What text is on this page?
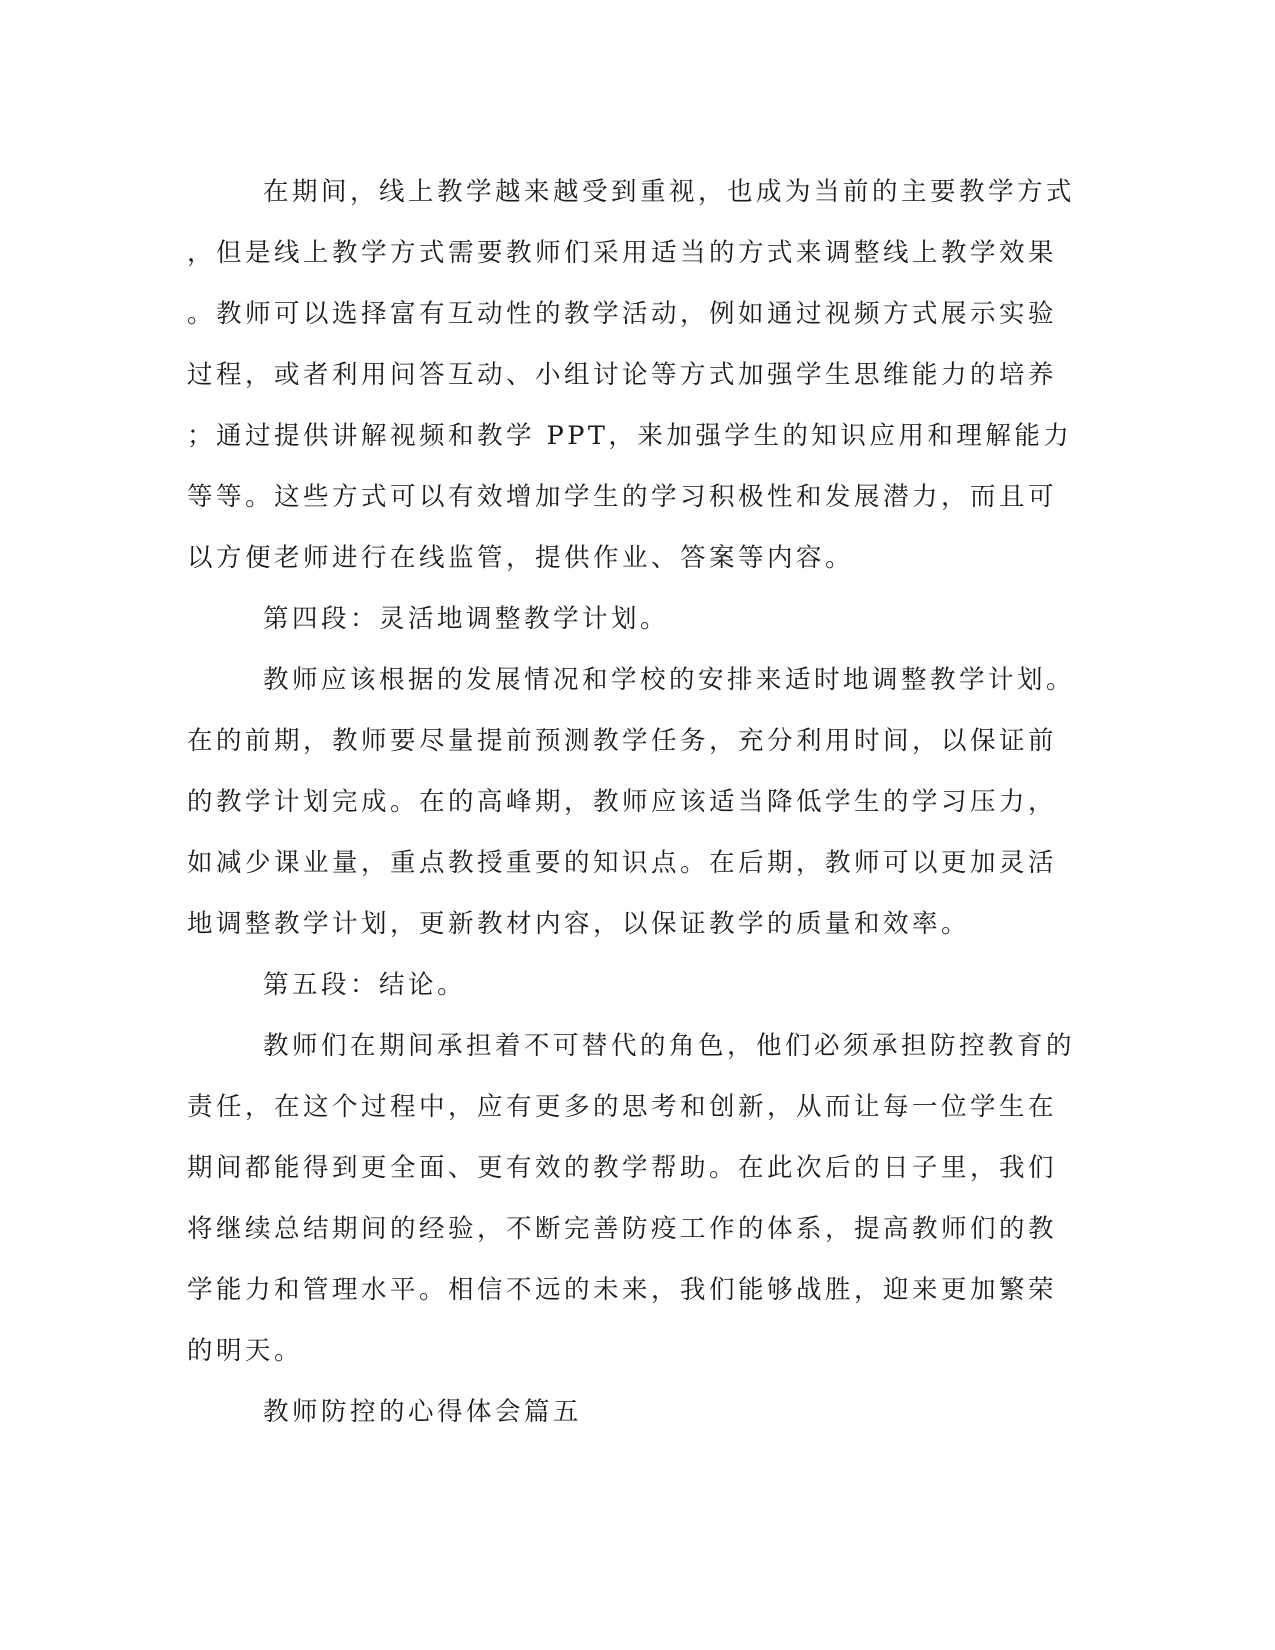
在期间，线上教学越来越受到重视，也成为当前的主要教学方式
，但是线上教学方式需要教师们采用适当的方式来调整线上教学效果
。教师可以选择富有互动性的教学活动，例如通过视频方式展示实验
过程，或者利用问答互动、小组讨论等方式加强学生思维能力的培养
；通过提供讲解视频和教学 PPT，来加强学生的知识应用和理解能力
等等。这些方式可以有效增加学生的学习积极性和发展潜力，而且可
以方便老师进行在线监管，提供作业、答案等内容。
第四段：灵活地调整教学计划。
教师应该根据的发展情况和学校的安排来适时地调整教学计划。
在的前期，教师要尽量提前预测教学任务，充分利用时间，以保证前
的教学计划完成。在的高峰期，教师应该适当降低学生的学习压力，
如减少课业量，重点教授重要的知识点。在后期，教师可以更加灵活
地调整教学计划，更新教材内容，以保证教学的质量和效率。
第五段：结论。
教师们在期间承担着不可替代的角色，他们必须承担防控教育的
责任，在这个过程中，应有更多的思考和创新，从而让每一位学生在
期间都能得到更全面、更有效的教学帮助。在此次后的日子里，我们
将继续总结期间的经验，不断完善防疫工作的体系，提高教师们的教
学能力和管理水平。相信不远的未来，我们能够战胜，迎来更加繁荣
的明天。
教师防控的心得体会篇五
